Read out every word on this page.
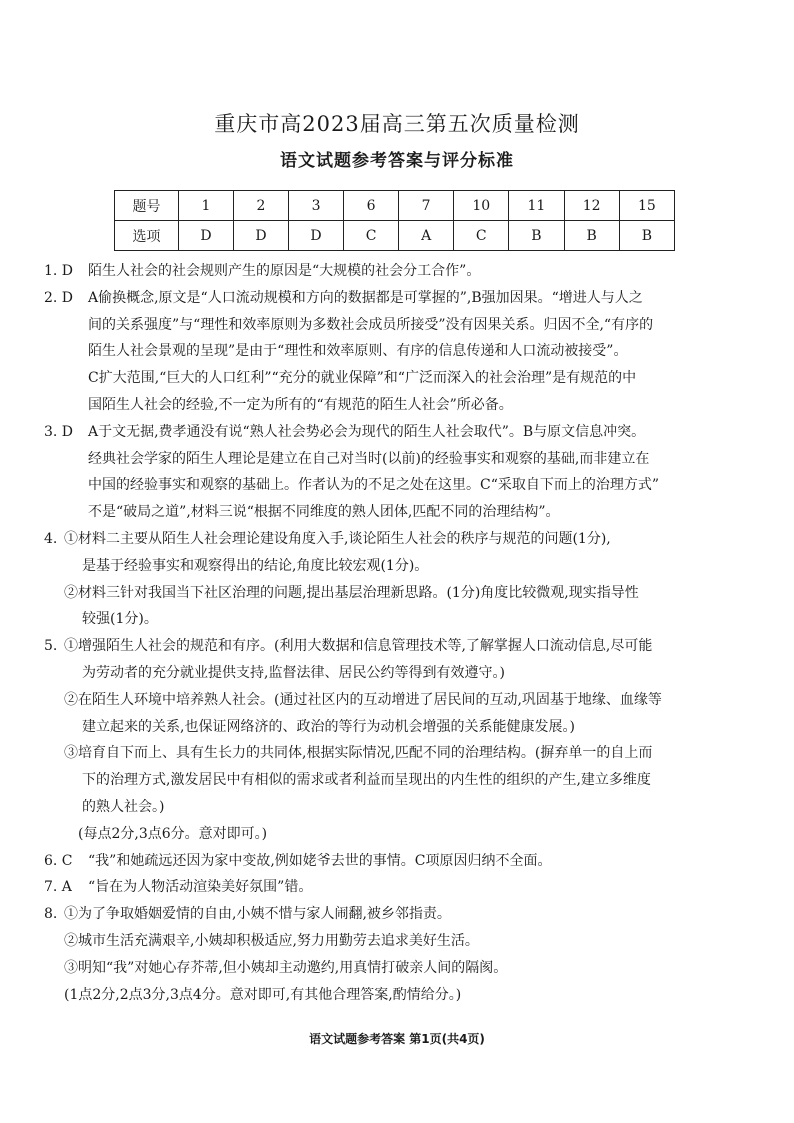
重庆市高2023届高三第五次质量检测
语文试题参考答案与评分标准
题号	1	2	3	6	7	10	11	12	15
选项	D	D	D	C	A	C	B	B	B
1. D 陌生人社会的社会规则产生的原因是“大规模的社会分工合作”。
2. D A偷换概念,原文是“人口流动规模和方向的数据都是可掌握的”,B强加因果。“增进人与人之
间的关系强度”与“理性和效率原则为多数社会成员所接受”没有因果关系。归因不全,“有序的
陌生人社会景观的呈现”是由于“理性和效率原则、有序的信息传递和人口流动被接受”。
C扩大范围,“巨大的人口红利”“充分的就业保障”和“广泛而深入的社会治理”是有规范的中
国陌生人社会的经验,不一定为所有的“有规范的陌生人社会”所必备。
3. D A于文无据,费孝通没有说“熟人社会势必会为现代的陌生人社会取代”。B与原文信息冲突。
经典社会学家的陌生人理论是建立在自己对当时(以前)的经验事实和观察的基础,而非建立在
中国的经验事实和观察的基础上。作者认为的不足之处在这里。C“采取自下而上的治理方式”
不是“破局之道”,材料三说“根据不同维度的熟人团体,匹配不同的治理结构”。
4. ①材料二主要从陌生人社会理论建设角度入手,谈论陌生人社会的秩序与规范的问题(1分),
是基于经验事实和观察得出的结论,角度比较宏观(1分)。
②材料三针对我国当下社区治理的问题,提出基层治理新思路。(1分)角度比较微观,现实指导性
较强(1分)。
5. ①增强陌生人社会的规范和有序。(利用大数据和信息管理技术等,了解掌握人口流动信息,尽可能
为劳动者的充分就业提供支持,监督法律、居民公约等得到有效遵守。)
②在陌生人环境中培养熟人社会。(通过社区内的互动增进了居民间的互动,巩固基于地缘、血缘等
建立起来的关系,也保证网络济的、政治的等行为动机会增强的关系能健康发展。)
③培育自下而上、具有生长力的共同体,根据实际情况,匹配不同的治理结构。(摒弃单一的自上而
下的治理方式,激发居民中有相似的需求或者利益而呈现出的内生性的组织的产生,建立多维度
的熟人社会。)
(每点2分,3点6分。意对即可。)
6. C “我”和她疏远还因为家中变故,例如姥爷去世的事情。C项原因归纳不全面。
7. A “旨在为人物活动渲染美好氛围”错。
8. ①为了争取婚姻爱情的自由,小姨不惜与家人闹翻,被乡邻指责。
②城市生活充满艰辛,小姨却积极适应,努力用勤劳去追求美好生活。
③明知“我”对她心存芥蒂,但小姨却主动邀约,用真情打破亲人间的隔阂。
(1点2分,2点3分,3点4分。意对即可,有其他合理答案,酌情给分。)
语文试题参考答案 第1页(共4页)
